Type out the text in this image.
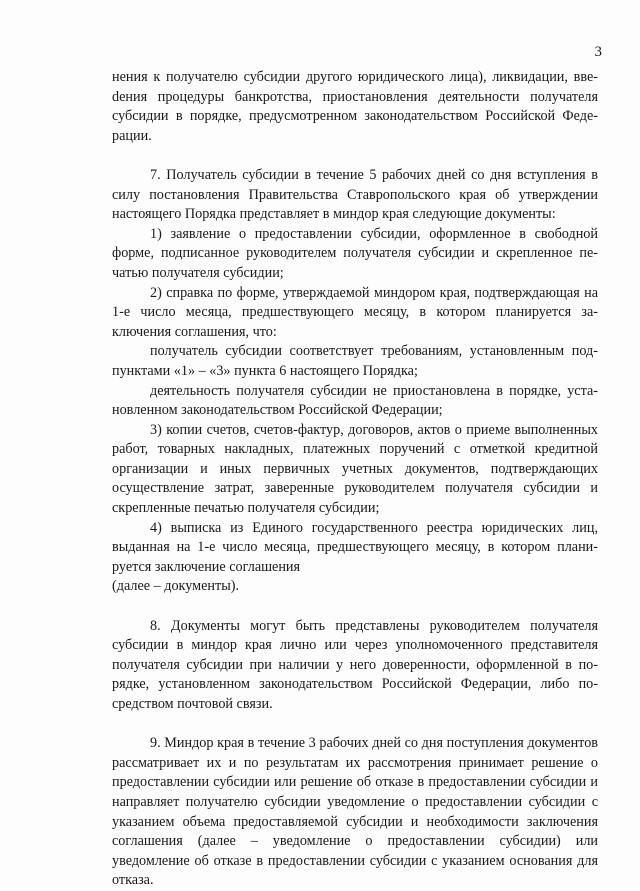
3

нения к получателю субсидии другого юридического лица), ликвидации, ввеdения процедуры банкротства, приостановления деятельности получателя субсидии в порядке, предусмотренном законодательством Российской Федерации.

7. Получатель субсидии в течение 5 рабочих дней со дня вступления в силу постановления Правительства Ставропольского края об утверждении настоящего Порядка представляет в миндор края следующие документы:

1) заявление о предоставлении субсидии, оформленное в свободной форме, подписанное руководителем получателя субсидии и скрепленное печатью получателя субсидии;

2) справка по форме, утверждаемой миндором края, подтверждающая на 1-е число месяца, предшествующего месяцу, в котором планируется заключения соглашения, что:

получатель субсидии соответствует требованиям, установленным подпунктами «1» – «3» пункта 6 настоящего Порядка;

деятельность получателя субсидии не приостановлена в порядке, установленном законодательством Российской Федерации;

3) копии счетов, счетов-фактур, договоров, актов о приеме выполненных работ, товарных накладных, платежных поручений с отметкой кредитной организации и иных первичных учетных документов, подтверждающих осуществление затрат, заверенные руководителем получателя субсидии и скрепленные печатью получателя субсидии;

4) выписка из Единого государственного реестра юридических лиц, выданная на 1-е число месяца, предшествующего месяцу, в котором планируется заключение соглашения

(далее – документы).

8. Документы могут быть представлены руководителем получателя субсидии в миндор края лично или через уполномоченного представителя получателя субсидии при наличии у него доверенности, оформленной в порядке, установленном законодательством Российской Федерации, либо посредством почтовой связи.

9. Миндор края в течение 3 рабочих дней со дня поступления документов рассматривает их и по результатам их рассмотрения принимает решение о предоставлении субсидии или решение об отказе в предоставлении субсидии и направляет получателю субсидии уведомление о предоставлении субсидии с указанием объема предоставляемой субсидии и необходимости заключения соглашения (далее – уведомление о предоставлении субсидии) или уведомление об отказе в предоставлении субсидии с указанием основания для отказа.
